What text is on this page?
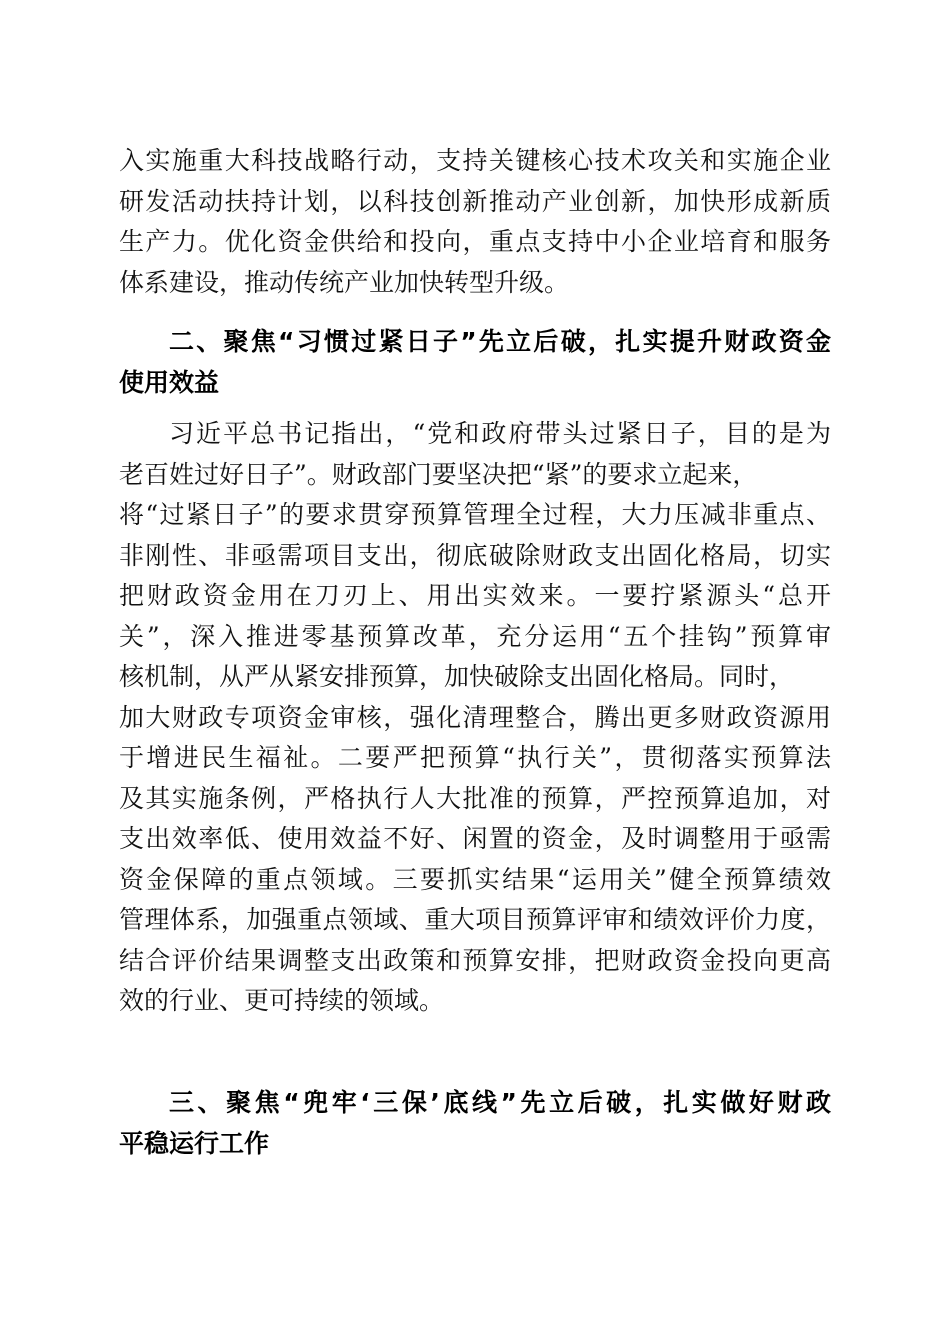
入实施重大科技战略行动，支持关键核心技术攻关和实施企业
研发活动扶持计划，以科技创新推动产业创新，加快形成新质
生产力。优化资金供给和投向，重点支持中小企业培育和服务
体系建设，推动传统产业加快转型升级。
二、聚焦“习惯过紧日子”先立后破，扎实提升财政资金
使用效益
习近平总书记指出，“党和政府带头过紧日子，目的是为
老百姓过好日子”。财政部门要坚决把“紧”的要求立起来，
将“过紧日子”的要求贯穿预算管理全过程，大力压减非重点、
非刚性、非亟需项目支出，彻底破除财政支出固化格局，切实
把财政资金用在刀刃上、用出实效来。一要拧紧源头“总开
关”，深入推进零基预算改革，充分运用“五个挂钩”预算审
核机制，从严从紧安排预算，加快破除支出固化格局。同时，
加大财政专项资金审核，强化清理整合，腾出更多财政资源用
于增进民生福祉。二要严把预算“执行关”，贯彻落实预算法
及其实施条例，严格执行人大批准的预算，严控预算追加，对
支出效率低、使用效益不好、闲置的资金，及时调整用于亟需
资金保障的重点领域。三要抓实结果“运用关”健全预算绩效
管理体系，加强重点领域、重大项目预算评审和绩效评价力度，
结合评价结果调整支出政策和预算安排，把财政资金投向更高
效的行业、更可持续的领域。
三、聚焦“兜牢‘三保’底线”先立后破，扎实做好财政
平稳运行工作
